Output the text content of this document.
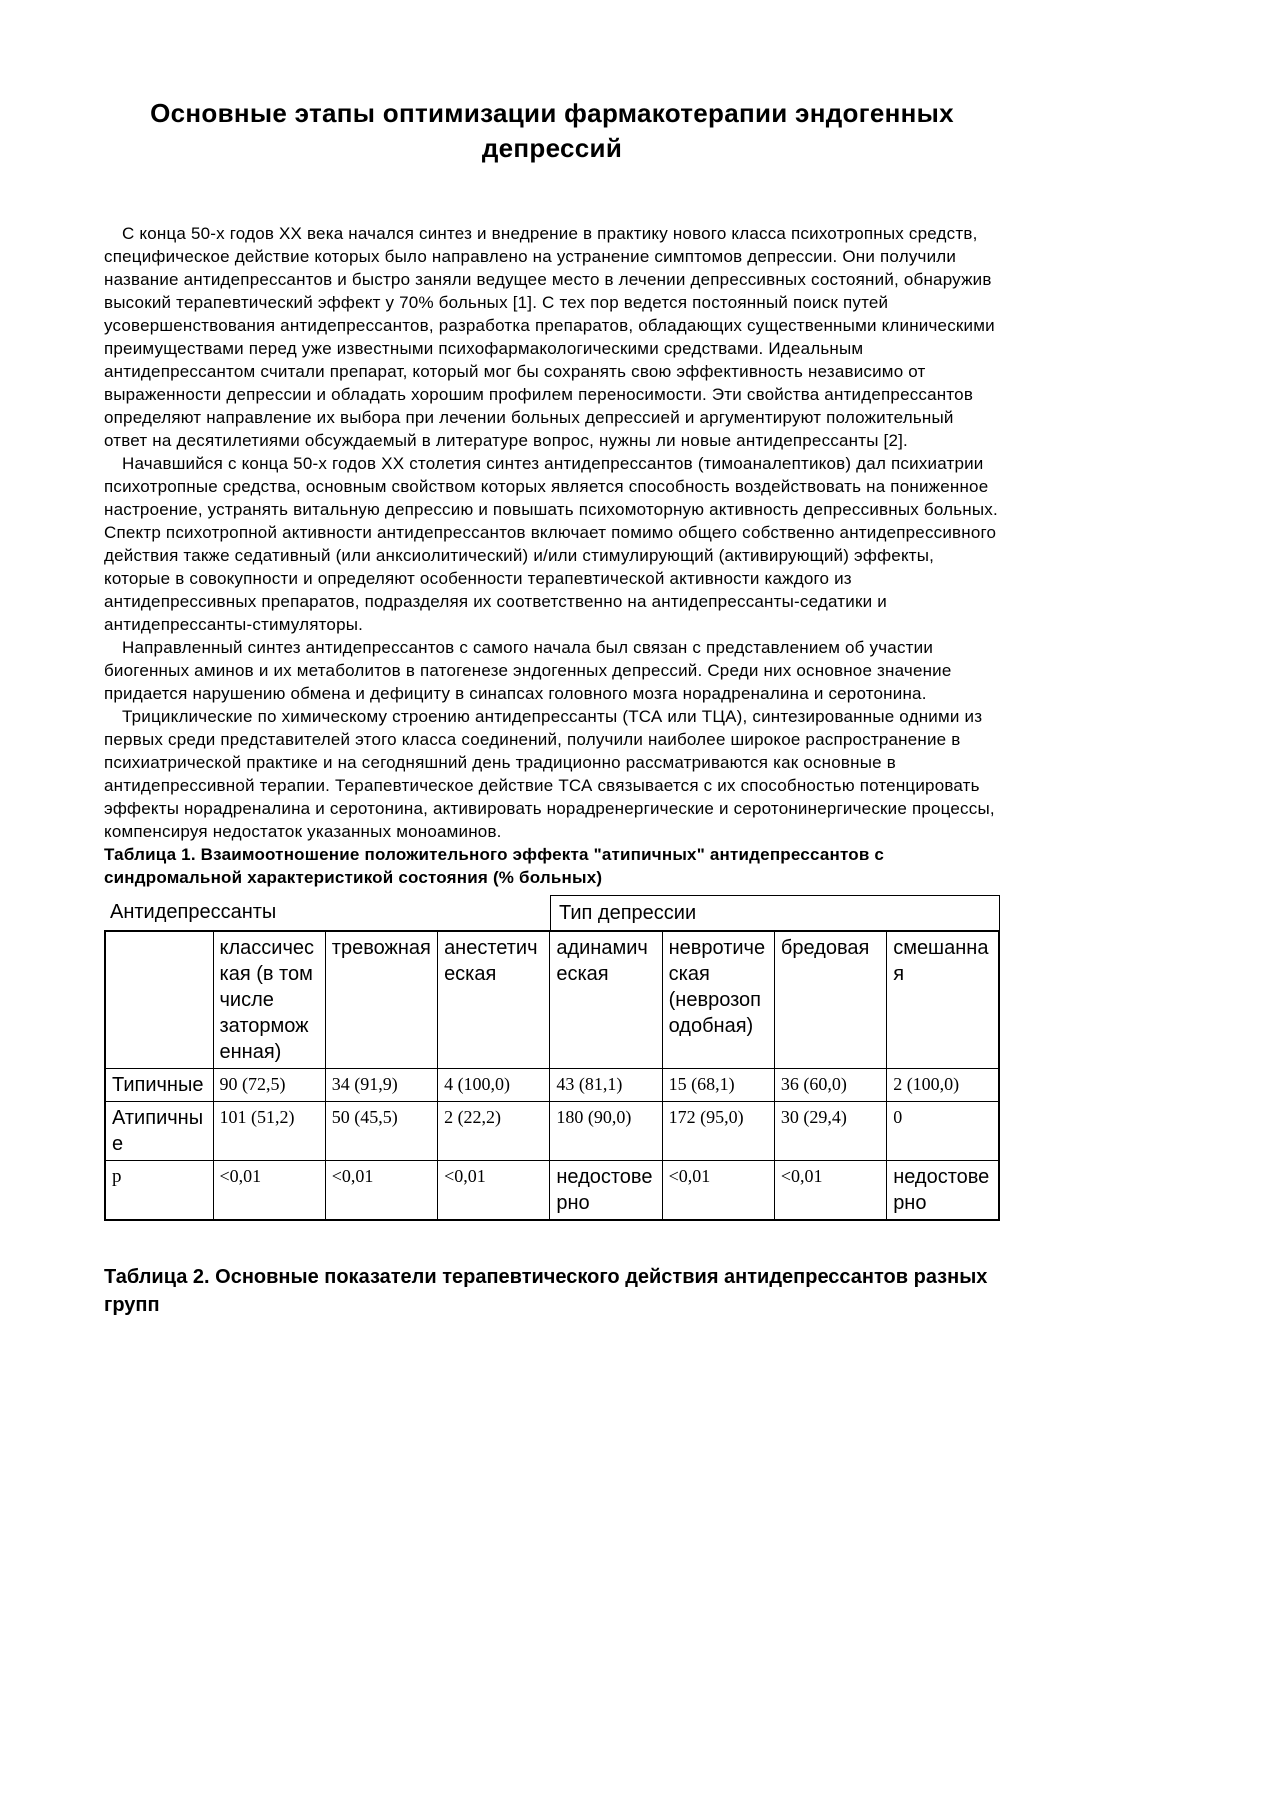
Основные этапы оптимизации фармакотерапии эндогенных депрессий

С конца 50-х годов XX века начался синтез и внедрение в практику нового класса психотропных средств, специфическое действие которых было направлено на устранение симптомов депрессии. Они получили название антидепрессантов и быстро заняли ведущее место в лечении депрессивных состояний, обнаружив высокий терапевтический эффект у 70% больных [1]. С тех пор ведется постоянный поиск путей усовершенствования антидепрессантов, разработка препаратов, обладающих существенными клиническими преимуществами перед уже известными психофармакологическими средствами. Идеальным антидепрессантом считали препарат, который мог бы сохранять свою эффективность независимо от выраженности депрессии и обладать хорошим профилем переносимости. Эти свойства антидепрессантов определяют направление их выбора при лечении больных депрессией и аргументируют положительный ответ на десятилетиями обсуждаемый в литературе вопрос, нужны ли новые антидепрессанты [2].

Начавшийся с конца 50-х годов XX столетия синтез антидепрессантов (тимоаналептиков) дал психиатрии психотропные средства, основным свойством которых является способность воздействовать на пониженное настроение, устранять витальную депрессию и повышать психомоторную активность депрессивных больных. Спектр психотропной активности антидепрессантов включает помимо общего собственно антидепрессивного действия также седативный (или анксиолитический) и/или стимулирующий (активирующий) эффекты, которые в совокупности и определяют особенности терапевтической активности каждого из антидепрессивных препаратов, подразделяя их соответственно на антидепрессанты-седатики и антидепрессанты-стимуляторы.

Направленный синтез антидепрессантов с самого начала был связан с представлением об участии биогенных аминов и их метаболитов в патогенезе эндогенных депрессий. Среди них основное значение придается нарушению обмена и дефициту в синапсах головного мозга норадреналина и серотонина.

Трициклические по химическому строению антидепрессанты (ТСА или ТЦА), синтезированные одними из первых среди представителей этого класса соединений, получили наиболее широкое распространение в психиатрической практике и на сегодняшний день традиционно рассматриваются как основные в антидепрессивной терапии. Терапевтическое действие ТСА связывается с их способностью потенцировать эффекты норадреналина и серотонина, активировать норадренергические и серотонинергические процессы, компенсируя недостаток указанных моноаминов.

Таблица 1. Взаимоотношение положительного эффекта "атипичных" антидепрессантов с синдромальной характеристикой состояния (% больных)

Антидепрессанты	Тип депрессии
	классическая (в том числе заторможенная)	тревожная	анестетическая	адинамическая	невротическая (неврозоподобная)	бредовая	смешанная
Типичные	90 (72,5)	34 (91,9)	4 (100,0)	43 (81,1)	15 (68,1)	36 (60,0)	2 (100,0)
Атипичные	101 (51,2)	50 (45,5)	2 (22,2)	180 (90,0)	172 (95,0)	30 (29,4)	0
p	<0,01	<0,01	<0,01	недостоверно	<0,01	<0,01	недостоверно

Таблица 2. Основные показатели терапевтического действия антидепрессантов разных групп
